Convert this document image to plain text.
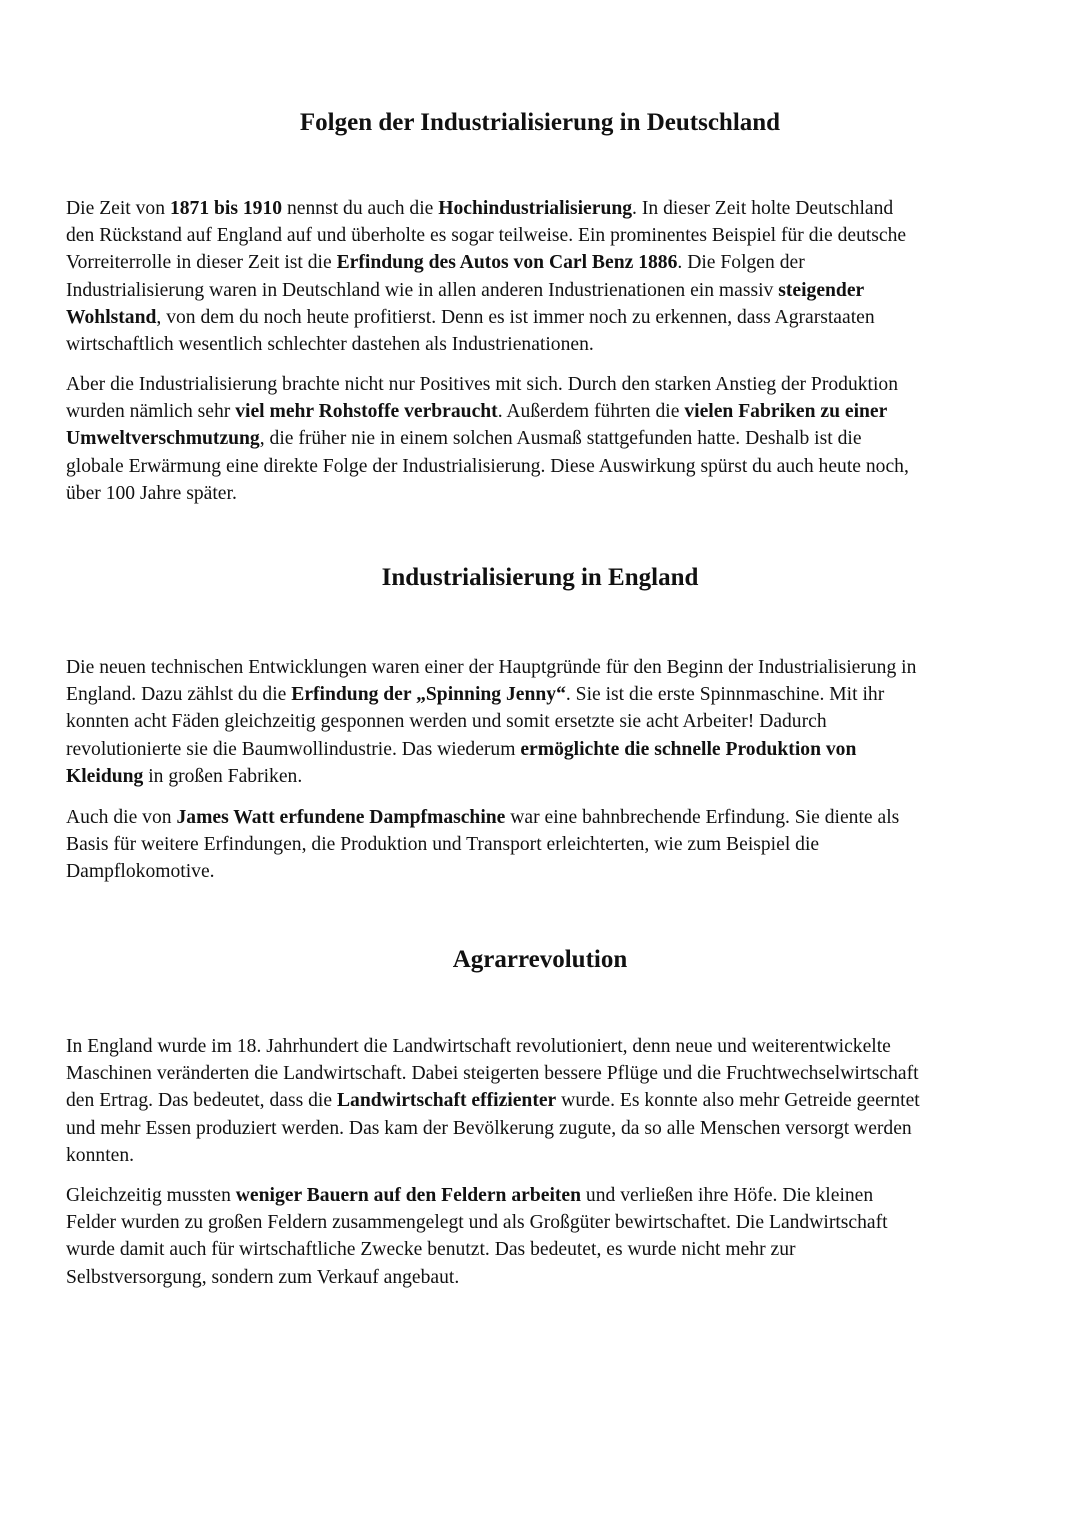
Folgen der Industrialisierung in Deutschland

Die Zeit von 1871 bis 1910 nennst du auch die Hochindustrialisierung. In dieser Zeit holte Deutschland
den Rückstand auf England auf und überholte es sogar teilweise. Ein prominentes Beispiel für die deutsche
Vorreiterrolle in dieser Zeit ist die Erfindung des Autos von Carl Benz 1886. Die Folgen der
Industrialisierung waren in Deutschland wie in allen anderen Industrienationen ein massiv steigender
Wohlstand, von dem du noch heute profitierst. Denn es ist immer noch zu erkennen, dass Agrarstaaten
wirtschaftlich wesentlich schlechter dastehen als Industrienationen.

Aber die Industrialisierung brachte nicht nur Positives mit sich. Durch den starken Anstieg der Produktion
wurden nämlich sehr viel mehr Rohstoffe verbraucht. Außerdem führten die vielen Fabriken zu einer
Umweltverschmutzung, die früher nie in einem solchen Ausmaß stattgefunden hatte. Deshalb ist die
globale Erwärmung eine direkte Folge der Industrialisierung. Diese Auswirkung spürst du auch heute noch,
über 100 Jahre später.

Industrialisierung in England

Die neuen technischen Entwicklungen waren einer der Hauptgründe für den Beginn der Industrialisierung in
England. Dazu zählst du die Erfindung der „Spinning Jenny“. Sie ist die erste Spinnmaschine. Mit ihr
konnten acht Fäden gleichzeitig gesponnen werden und somit ersetzte sie acht Arbeiter! Dadurch
revolutionierte sie die Baumwollindustrie. Das wiederum ermöglichte die schnelle Produktion von
Kleidung in großen Fabriken.

Auch die von James Watt erfundene Dampfmaschine war eine bahnbrechende Erfindung. Sie diente als
Basis für weitere Erfindungen, die Produktion und Transport erleichterten, wie zum Beispiel die
Dampflokomotive.

Agrarrevolution

In England wurde im 18. Jahrhundert die Landwirtschaft revolutioniert, denn neue und weiterentwickelte
Maschinen veränderten die Landwirtschaft. Dabei steigerten bessere Pflüge und die Fruchtwechselwirtschaft
den Ertrag. Das bedeutet, dass die Landwirtschaft effizienter wurde. Es konnte also mehr Getreide geerntet
und mehr Essen produziert werden. Das kam der Bevölkerung zugute, da so alle Menschen versorgt werden
konnten.

Gleichzeitig mussten weniger Bauern auf den Feldern arbeiten und verließen ihre Höfe. Die kleinen
Felder wurden zu großen Feldern zusammengelegt und als Großgüter bewirtschaftet. Die Landwirtschaft
wurde damit auch für wirtschaftliche Zwecke benutzt. Das bedeutet, es wurde nicht mehr zur
Selbstversorgung, sondern zum Verkauf angebaut.
